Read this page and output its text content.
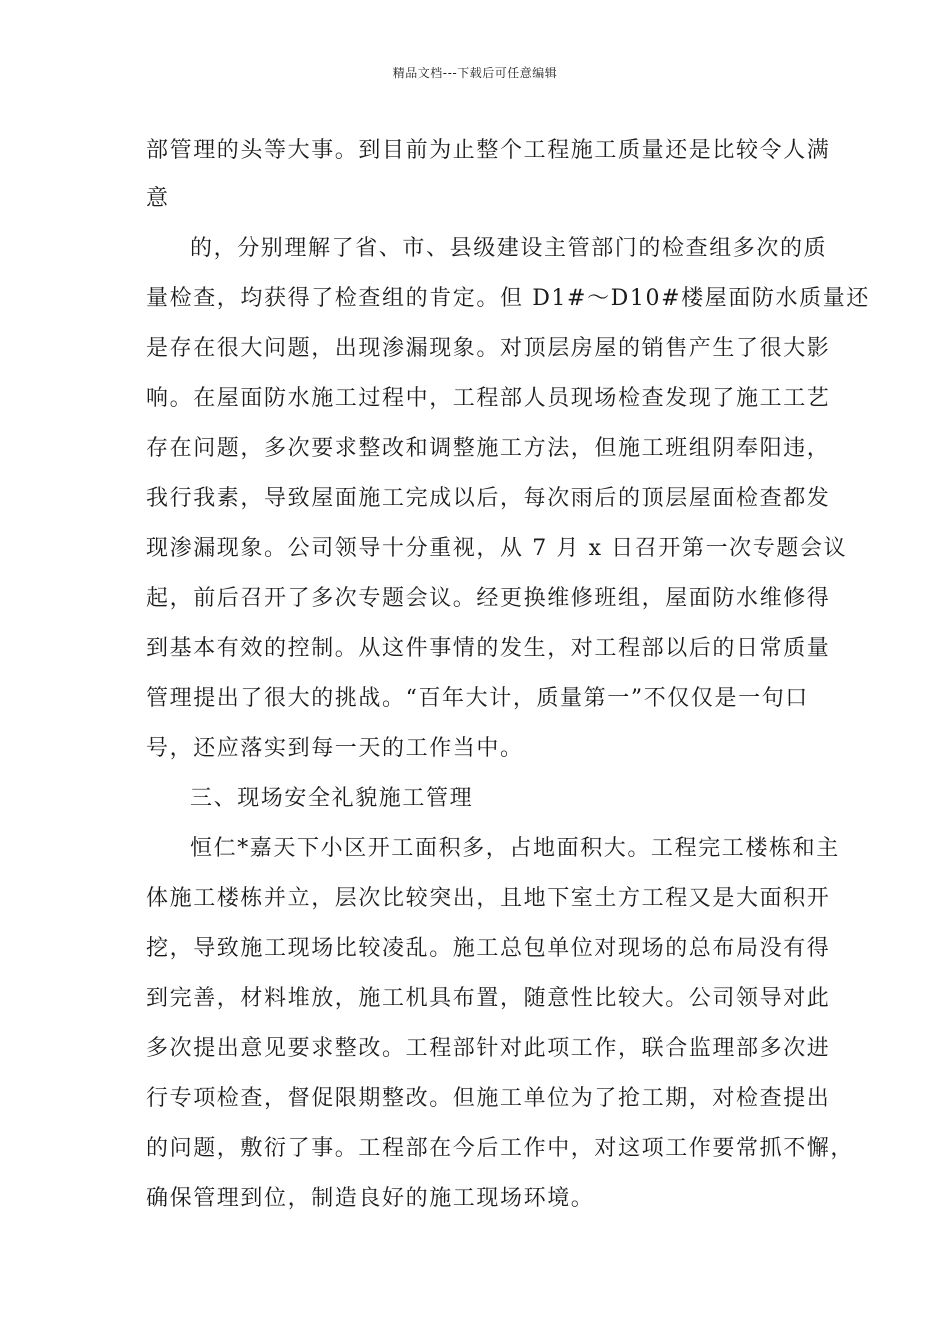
精品文档---下载后可任意编辑
部管理的头等大事。到目前为止整个工程施工质量还是比较令人满
意
的，分别理解了省、市、县级建设主管部门的检查组多次的质
量检查，均获得了检查组的肯定。但 D1#～D10#楼屋面防水质量还
是存在很大问题，出现渗漏现象。对顶层房屋的销售产生了很大影
响。在屋面防水施工过程中，工程部人员现场检查发现了施工工艺
存在问题，多次要求整改和调整施工方法，但施工班组阴奉阳违，
我行我素，导致屋面施工完成以后，每次雨后的顶层屋面检查都发
现渗漏现象。公司领导十分重视，从 7 月 x 日召开第一次专题会议
起，前后召开了多次专题会议。经更换维修班组，屋面防水维修得
到基本有效的控制。从这件事情的发生，对工程部以后的日常质量
管理提出了很大的挑战。“百年大计，质量第一”不仅仅是一句口
号，还应落实到每一天的工作当中。
三、现场安全礼貌施工管理
恒仁*嘉天下小区开工面积多，占地面积大。工程完工楼栋和主
体施工楼栋并立，层次比较突出，且地下室土方工程又是大面积开
挖，导致施工现场比较凌乱。施工总包单位对现场的总布局没有得
到完善，材料堆放，施工机具布置，随意性比较大。公司领导对此
多次提出意见要求整改。工程部针对此项工作，联合监理部多次进
行专项检查，督促限期整改。但施工单位为了抢工期，对检查提出
的问题，敷衍了事。工程部在今后工作中，对这项工作要常抓不懈，
确保管理到位，制造良好的施工现场环境。
